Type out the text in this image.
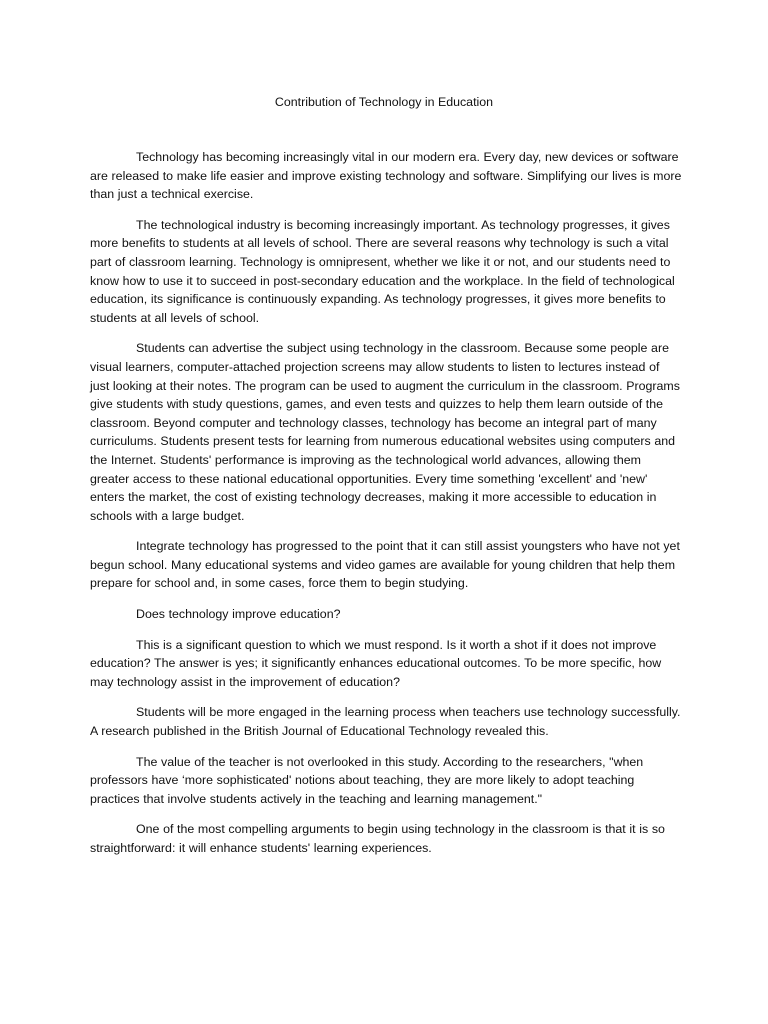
Contribution of Technology in Education

Technology has becoming increasingly vital in our modern era. Every day, new devices or software are released to make life easier and improve existing technology and software. Simplifying our lives is more than just a technical exercise.

The technological industry is becoming increasingly important. As technology progresses, it gives more benefits to students at all levels of school. There are several reasons why technology is such a vital part of classroom learning. Technology is omnipresent, whether we like it or not, and our students need to know how to use it to succeed in post-secondary education and the workplace. In the field of technological education, its significance is continuously expanding. As technology progresses, it gives more benefits to students at all levels of school.

Students can advertise the subject using technology in the classroom. Because some people are visual learners, computer-attached projection screens may allow students to listen to lectures instead of just looking at their notes. The program can be used to augment the curriculum in the classroom. Programs give students with study questions, games, and even tests and quizzes to help them learn outside of the classroom. Beyond computer and technology classes, technology has become an integral part of many curriculums. Students present tests for learning from numerous educational websites using computers and the Internet. Students' performance is improving as the technological world advances, allowing them greater access to these national educational opportunities. Every time something 'excellent' and 'new' enters the market, the cost of existing technology decreases, making it more accessible to education in schools with a large budget.

Integrate technology has progressed to the point that it can still assist youngsters who have not yet begun school. Many educational systems and video games are available for young children that help them prepare for school and, in some cases, force them to begin studying.

Does technology improve education?

This is a significant question to which we must respond. Is it worth a shot if it does not improve education? The answer is yes; it significantly enhances educational outcomes. To be more specific, how may technology assist in the improvement of education?

Students will be more engaged in the learning process when teachers use technology successfully. A research published in the British Journal of Educational Technology revealed this.

The value of the teacher is not overlooked in this study. According to the researchers, "when professors have ‘more sophisticated' notions about teaching, they are more likely to adopt teaching practices that involve students actively in the teaching and learning management."

One of the most compelling arguments to begin using technology in the classroom is that it is so straightforward: it will enhance students' learning experiences.
